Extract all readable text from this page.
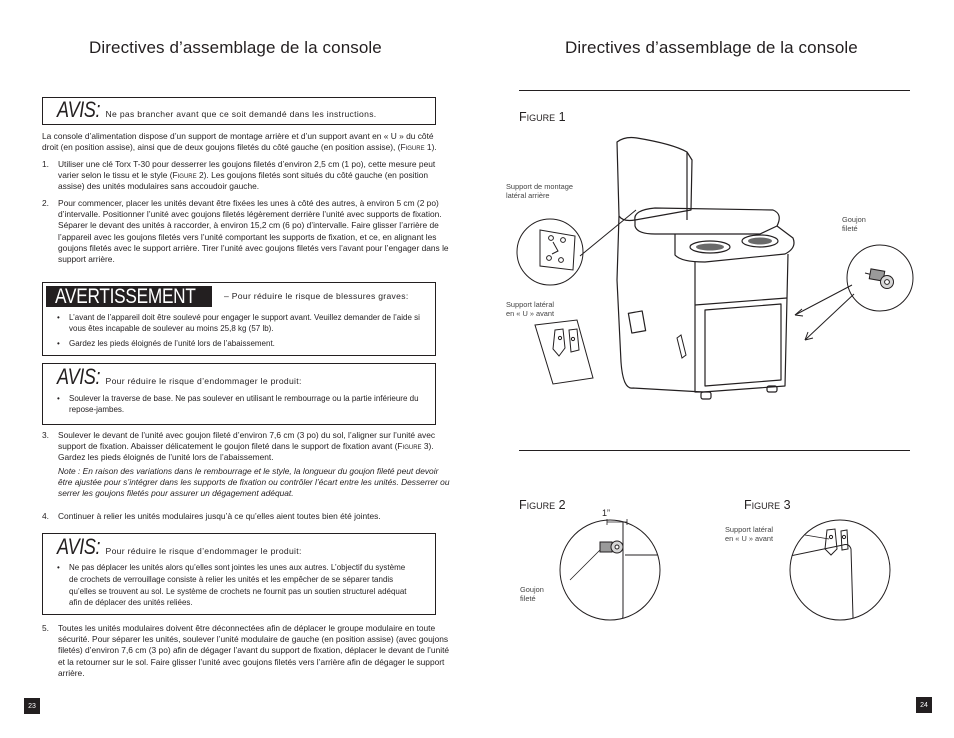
Directives d’assemblage de la console
AVIS: Ne pas brancher avant que ce soit demandé dans les instructions.
La console d’alimentation dispose d’un support de montage arrière et d’un support avant en « U » du côté droit (en position assise), ainsi que de deux goujons filetés du côté gauche (en position assise), (Figure 1).
1.	Utiliser une clé Torx T-30 pour desserrer les goujons filetés d’environ 2,5 cm (1 po), cette mesure peut varier selon le tissu et le style (Figure 2). Les goujons filetés sont situés du côté gauche (en position assise) des unités modulaires sans accoudoir gauche.
2.	Pour commencer, placer les unités devant être fixées les unes à côté des autres, à environ 5 cm (2 po) d’intervalle. Positionner l’unité avec goujons filetés légèrement derrière l’unité avec supports de fixation. Séparer le devant des unités à raccorder, à environ 15,2 cm (6 po) d’intervalle. Faire glisser l’arrière de l’appareil avec les goujons filetés vers l’unité comportant les supports de fixation, et ce, en alignant les goujons filetés avec le support arrière. Tirer l’unité avec goujons filetés vers l’avant pour l’engager dans le support arrière.
AVERTISSEMENT	– Pour réduire le risque de blessures graves:
• L’avant de l’appareil doit être soulevé pour engager le support avant. Veuillez demander de l’aide si vous êtes incapable de soulever au moins 25,8 kg (57 lb).
• Gardez les pieds éloignés de l’unité lors de l’abaissement.
AVIS: Pour réduire le risque d’endommager le produit:
• Soulever la traverse de base. Ne pas soulever en utilisant le rembourrage ou la partie inférieure du repose-jambes.
3.	Soulever le devant de l’unité avec goujon fileté d’environ 7,6 cm (3 po) du sol, l’aligner sur l’unité avec support de fixation. Abaisser délicatement le goujon fileté dans le support de fixation avant (Figure 3). Gardez les pieds éloignés de l’unité lors de l’abaissement.
Note : En raison des variations dans le rembourrage et le style, la longueur du goujon fileté peut devoir être ajustée pour s’intégrer dans les supports de fixation ou contrôler l’écart entre les unités. Desserrer ou serrer les goujons filetés pour assurer un dégagement adéquat.
4.	Continuer à relier les unités modulaires jusqu’à ce qu’elles aient toutes bien été jointes.
AVIS: Pour réduire le risque d’endommager le produit:
• Ne pas déplacer les unités alors qu’elles sont jointes les unes aux autres. L’objectif du système de crochets de verrouillage consiste à relier les unités et les empêcher de se séparer tandis qu’elles se trouvent au sol. Le système de crochets ne fournit pas un soutien structurel adéquat afin de déplacer des unités reliées.
5.	Toutes les unités modulaires doivent être déconnectées afin de déplacer le groupe modulaire en toute sécurité. Pour séparer les unités, soulever l’unité modulaire de gauche (en position assise) (avec goujons filetés) d’environ 7,6 cm (3 po) afin de dégager l’avant du support de fixation, déplacer le devant de l’unité et la retourner sur le sol. Faire glisser l’unité avec goujons filetés vers l’arrière afin de dégager le support arrière.
23
Directives d’assemblage de la console
Figure 1
Support de montage
latéral arrière
Support latéral
en « U » avant
Goujon
fileté
Figure 2
1”
Goujon
fileté
Figure 3
Support latéral
en « U » avant
24
